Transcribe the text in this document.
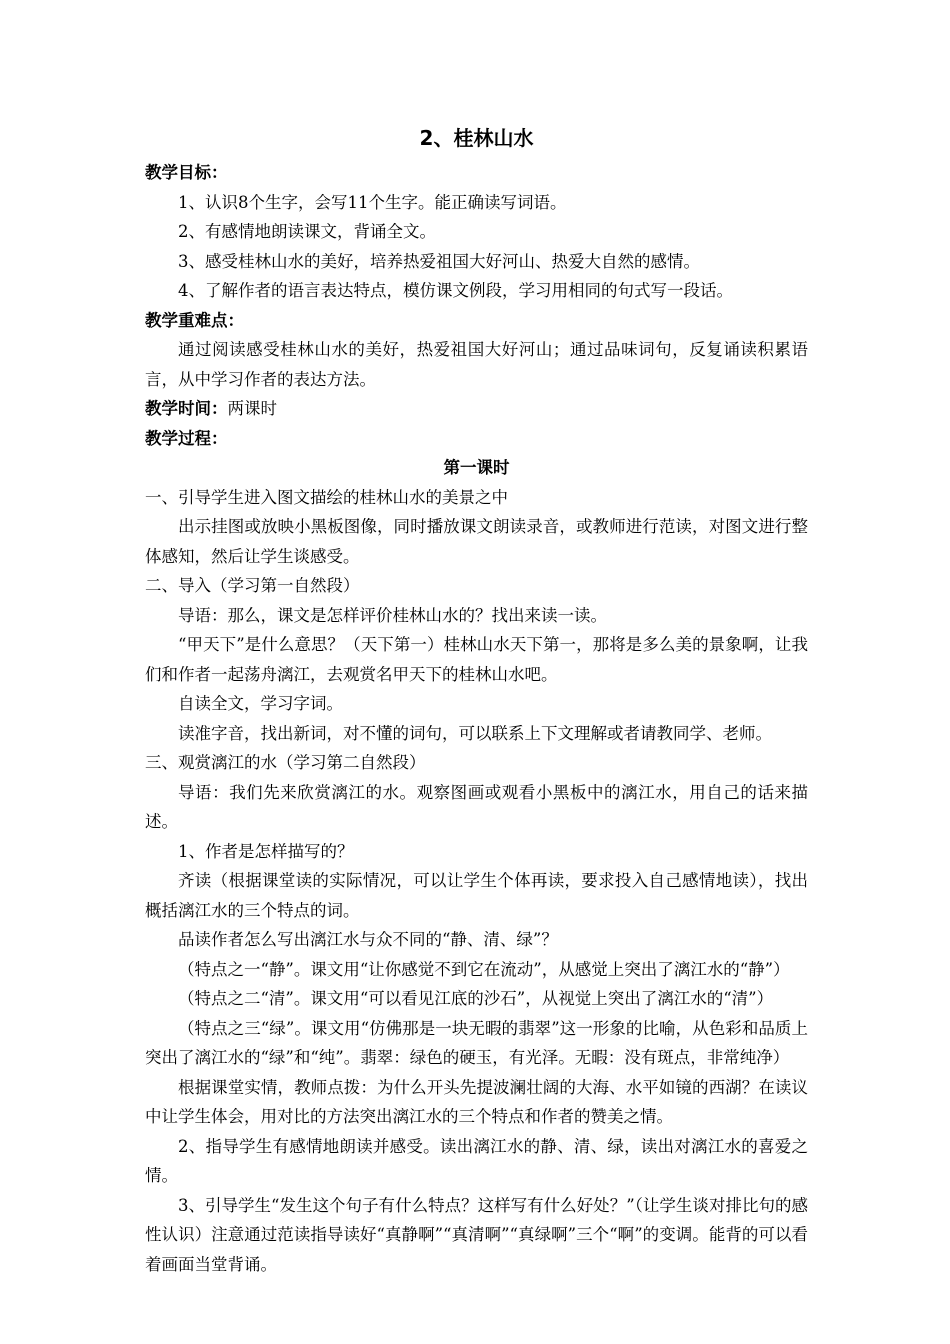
2、桂林山水

教学目标：

1、认识8个生字，会写11个生字。能正确读写词语。

2、有感情地朗读课文，背诵全文。

3、感受桂林山水的美好，培养热爱祖国大好河山、热爱大自然的感情。

4、了解作者的语言表达特点，模仿课文例段，学习用相同的句式写一段话。

教学重难点：

通过阅读感受桂林山水的美好，热爱祖国大好河山；通过品味词句，反复诵读积累语言，从中学习作者的表达方法。

教学时间：两课时

教学过程：

第一课时

一、引导学生进入图文描绘的桂林山水的美景之中

出示挂图或放映小黑板图像，同时播放课文朗读录音，或教师进行范读，对图文进行整体感知，然后让学生谈感受。

二、导入（学习第一自然段）

导语：那么，课文是怎样评价桂林山水的？找出来读一读。

“甲天下”是什么意思？（天下第一）桂林山水天下第一，那将是多么美的景象啊，让我们和作者一起荡舟漓江，去观赏名甲天下的桂林山水吧。

自读全文，学习字词。

读准字音，找出新词，对不懂的词句，可以联系上下文理解或者请教同学、老师。

三、观赏漓江的水（学习第二自然段）

导语：我们先来欣赏漓江的水。观察图画或观看小黑板中的漓江水，用自己的话来描述。

1、作者是怎样描写的？

齐读（根据课堂读的实际情况，可以让学生个体再读，要求投入自己感情地读），找出概括漓江水的三个特点的词。

品读作者怎么写出漓江水与众不同的“静、清、绿”？

（特点之一“静”。课文用“让你感觉不到它在流动”，从感觉上突出了漓江水的“静”）

（特点之二“清”。课文用“可以看见江底的沙石”，从视觉上突出了漓江水的“清”）

（特点之三“绿”。课文用“仿佛那是一块无暇的翡翠”这一形象的比喻，从色彩和品质上突出了漓江水的“绿”和“纯”。翡翠：绿色的硬玉，有光泽。无暇：没有斑点，非常纯净）

根据课堂实情，教师点拨：为什么开头先提波澜壮阔的大海、水平如镜的西湖？在读议中让学生体会，用对比的方法突出漓江水的三个特点和作者的赞美之情。

2、指导学生有感情地朗读并感受。读出漓江水的静、清、绿，读出对漓江水的喜爱之情。

3、引导学生“发生这个句子有什么特点？这样写有什么好处？”（让学生谈对排比句的感性认识）注意通过范读指导读好“真静啊”“真清啊”“真绿啊”三个“啊”的变调。能背的可以看着画面当堂背诵。
